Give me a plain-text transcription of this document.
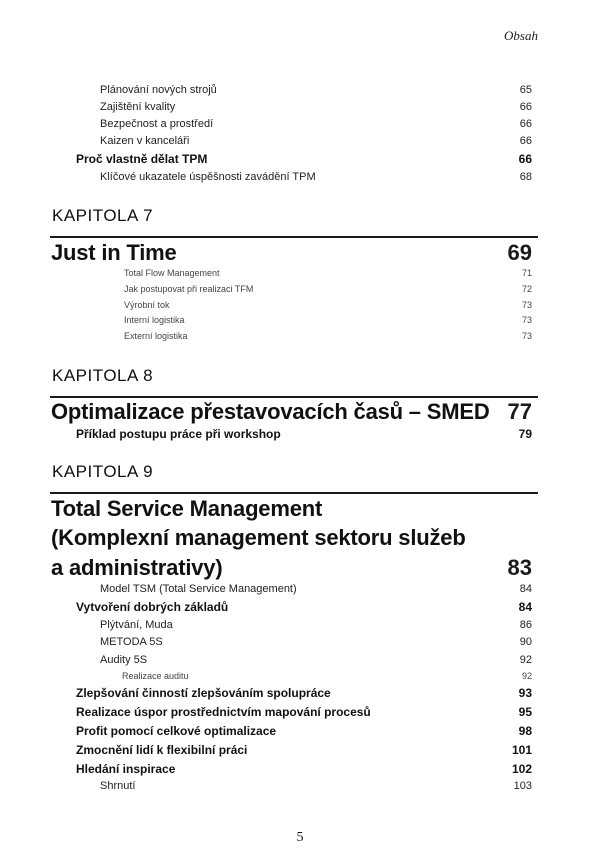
Obsah
Plánování nových strojů	65
Zajištění kvality	66
Bezpečnost a prostředí	66
Kaizen v kanceláři	66
Proč vlastně dělat TPM	66
Klíčové ukazatele úspěšnosti zavádění TPM	68
KAPITOLA 7
Just in Time	69
Total Flow Management	71
Jak postupovat při realizaci TFM	72
Výrobní tok	73
Interní logistika	73
Externí logistika	73
KAPITOLA 8
Optimalizace přestavovacích časů – SMED 77
Příklad postupu práce při workshop	79
KAPITOLA 9
Total Service Management
(Komplexní management sektoru služeb
a administrativy)	83
Model TSM (Total Service Management)	84
Vytvoření dobrých základů	84
Plýtvání, Muda	86
METODA 5S	90
Audity 5S	92
Realizace auditu	92
Zlepšování činností zlepšováním spolupráce	93
Realizace úspor prostřednictvím mapování procesů	95
Profit pomocí celkové optimalizace	98
Zmocnění lidí k flexibilní práci	101
Hledání inspirace	102
Shrnutí	103
5
